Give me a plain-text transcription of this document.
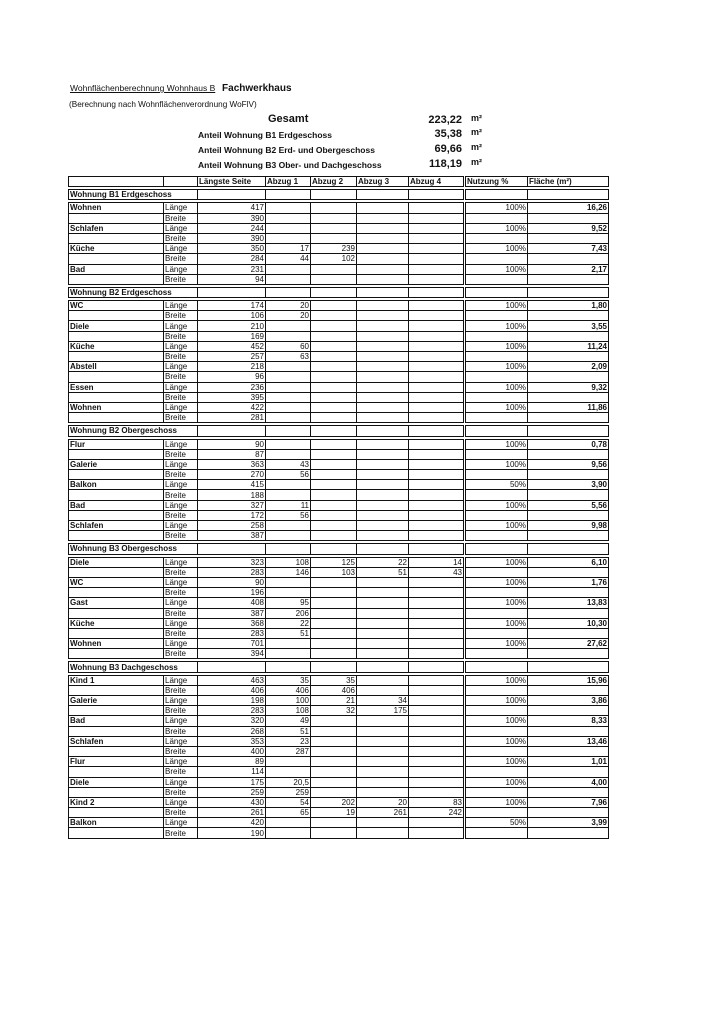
Wohnflächenberechnung Wohnhaus B Fachwerkhaus
(Berechnung nach Wohnflächenverordnung WoFlV)
Gesamt	223,22 m²
Anteil Wohnung B1 Erdgeschoss	35,38 m²
Anteil Wohnung B2 Erd- und Obergeschoss	69,66 m²
Anteil Wohnung B3 Ober- und Dachgeschoss	118,19 m²
		Längste Seite	Abzug 1	Abzug 2	Abzug 3	Abzug 4	Nutzung %	Fläche (m²)

Wohnung B1 Erdgeschoss								

Wohnen	Länge	417					100%	16,26
	Breite	390						
Schlafen	Länge	244					100%	9,52
	Breite	390						
Küche	Länge	350	17	239			100%	7,43
	Breite	284	44	102				
Bad	Länge	231					100%	2,17
	Breite	94						

Wohnung B2 Erdgeschoss								

WC	Länge	174	20				100%	1,80
	Breite	106	20					
Diele	Länge	210					100%	3,55
	Breite	169						
Küche	Länge	452	60				100%	11,24
	Breite	257	63					
Abstell	Länge	218					100%	2,09
	Breite	96						
Essen	Länge	236					100%	9,32
	Breite	395						
Wohnen	Länge	422					100%	11,86
	Breite	281						

Wohnung B2 Obergeschoss								

Flur	Länge	90					100%	0,78
	Breite	87						
Galerie	Länge	363	43				100%	9,56
	Breite	270	56					
Balkon	Länge	415					50%	3,90
	Breite	188						
Bad	Länge	327	11				100%	5,56
	Breite	172	56					
Schlafen	Länge	258					100%	9,98
	Breite	387						

Wohnung B3 Obergeschoss								

Diele	Länge	323	108	125	22	14	100%	6,10
	Breite	283	146	103	51	43		
WC	Länge	90					100%	1,76
	Breite	196						
Gast	Länge	408	95				100%	13,83
	Breite	387	206					
Küche	Länge	368	22				100%	10,30
	Breite	283	51					
Wohnen	Länge	701					100%	27,62
	Breite	394						

Wohnung B3 Dachgeschoss								

Kind 1	Länge	463	35	35			100%	15,96
	Breite	406	406	406				
Galerie	Länge	198	100	21	34		100%	3,86
	Breite	283	108	32	175			
Bad	Länge	320	49				100%	8,33
	Breite	268	51					
Schlafen	Länge	353	23				100%	13,46
	Breite	400	287					
Flur	Länge	89					100%	1,01
	Breite	114						
Diele	Länge	175	20,5				100%	4,00
	Breite	259	259					
Kind 2	Länge	430	54	202	20	83	100%	7,96
	Breite	261	65	19	261	242		
Balkon	Länge	420					50%	3,99
	Breite	190						
